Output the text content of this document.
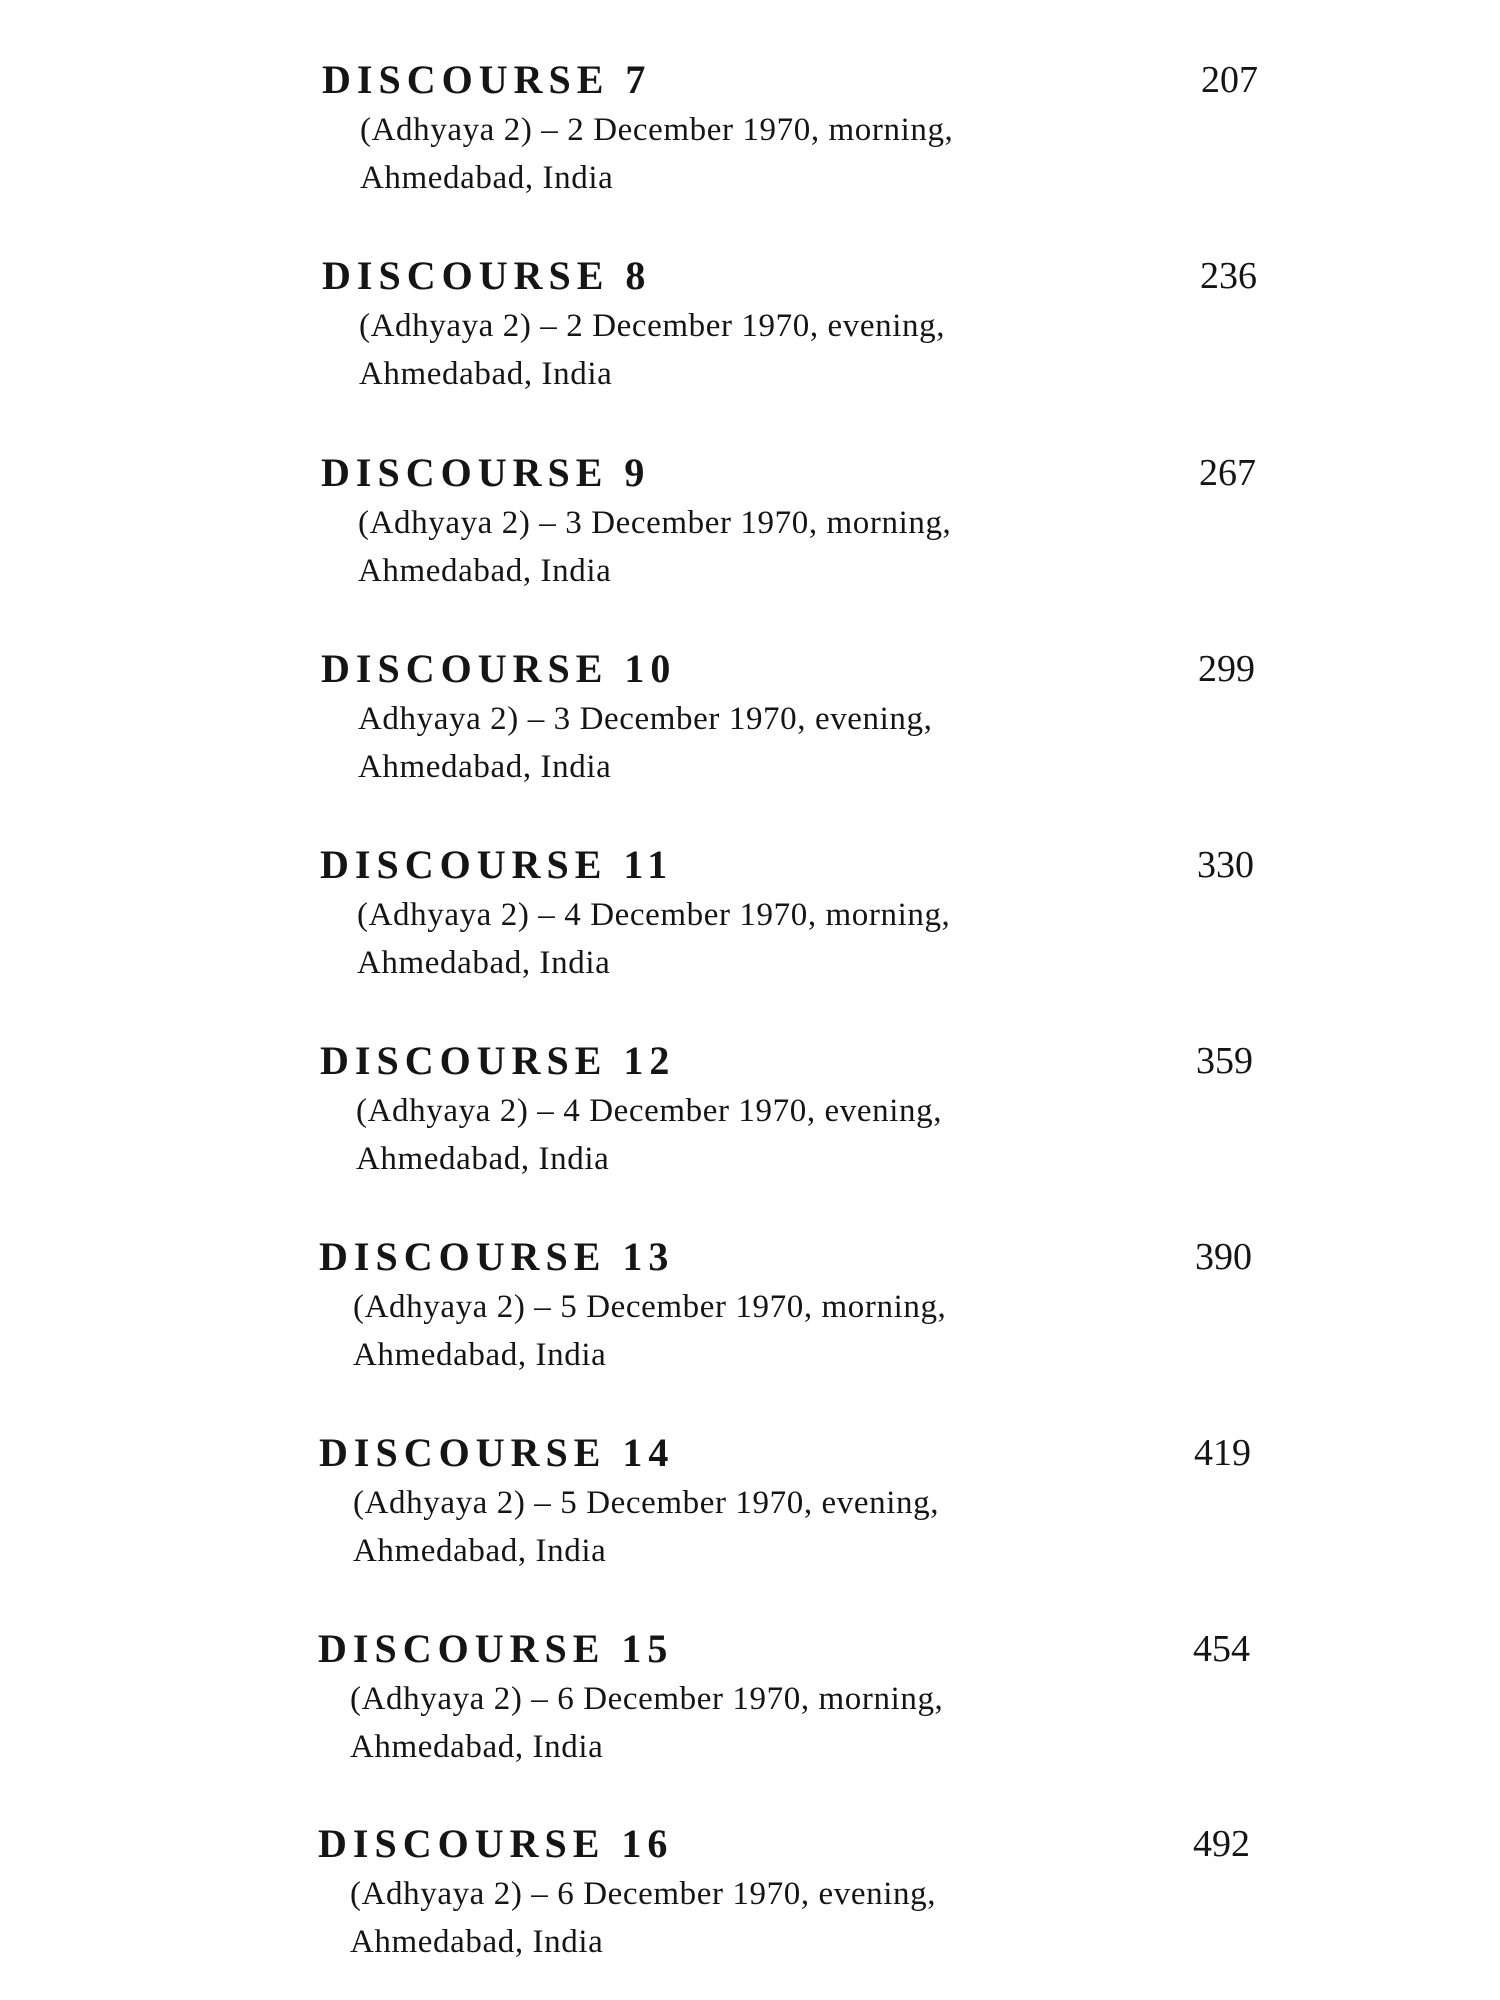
DISCOURSE 7	207
(Adhyaya 2) – 2 December 1970, morning,
Ahmedabad, India
DISCOURSE 8	236
(Adhyaya 2) – 2 December 1970, evening,
Ahmedabad, India
DISCOURSE 9	267
(Adhyaya 2) – 3 December 1970, morning,
Ahmedabad, India
DISCOURSE 10	299
Adhyaya 2) – 3 December 1970, evening,
Ahmedabad, India
DISCOURSE 11	330
(Adhyaya 2) – 4 December 1970, morning,
Ahmedabad, India
DISCOURSE 12	359
(Adhyaya 2) – 4 December 1970, evening,
Ahmedabad, India
DISCOURSE 13	390
(Adhyaya 2) – 5 December 1970, morning,
Ahmedabad, India
DISCOURSE 14	419
(Adhyaya 2) – 5 December 1970, evening,
Ahmedabad, India
DISCOURSE 15	454
(Adhyaya 2) – 6 December 1970, morning,
Ahmedabad, India
DISCOURSE 16	492
(Adhyaya 2) – 6 December 1970, evening,
Ahmedabad, India
